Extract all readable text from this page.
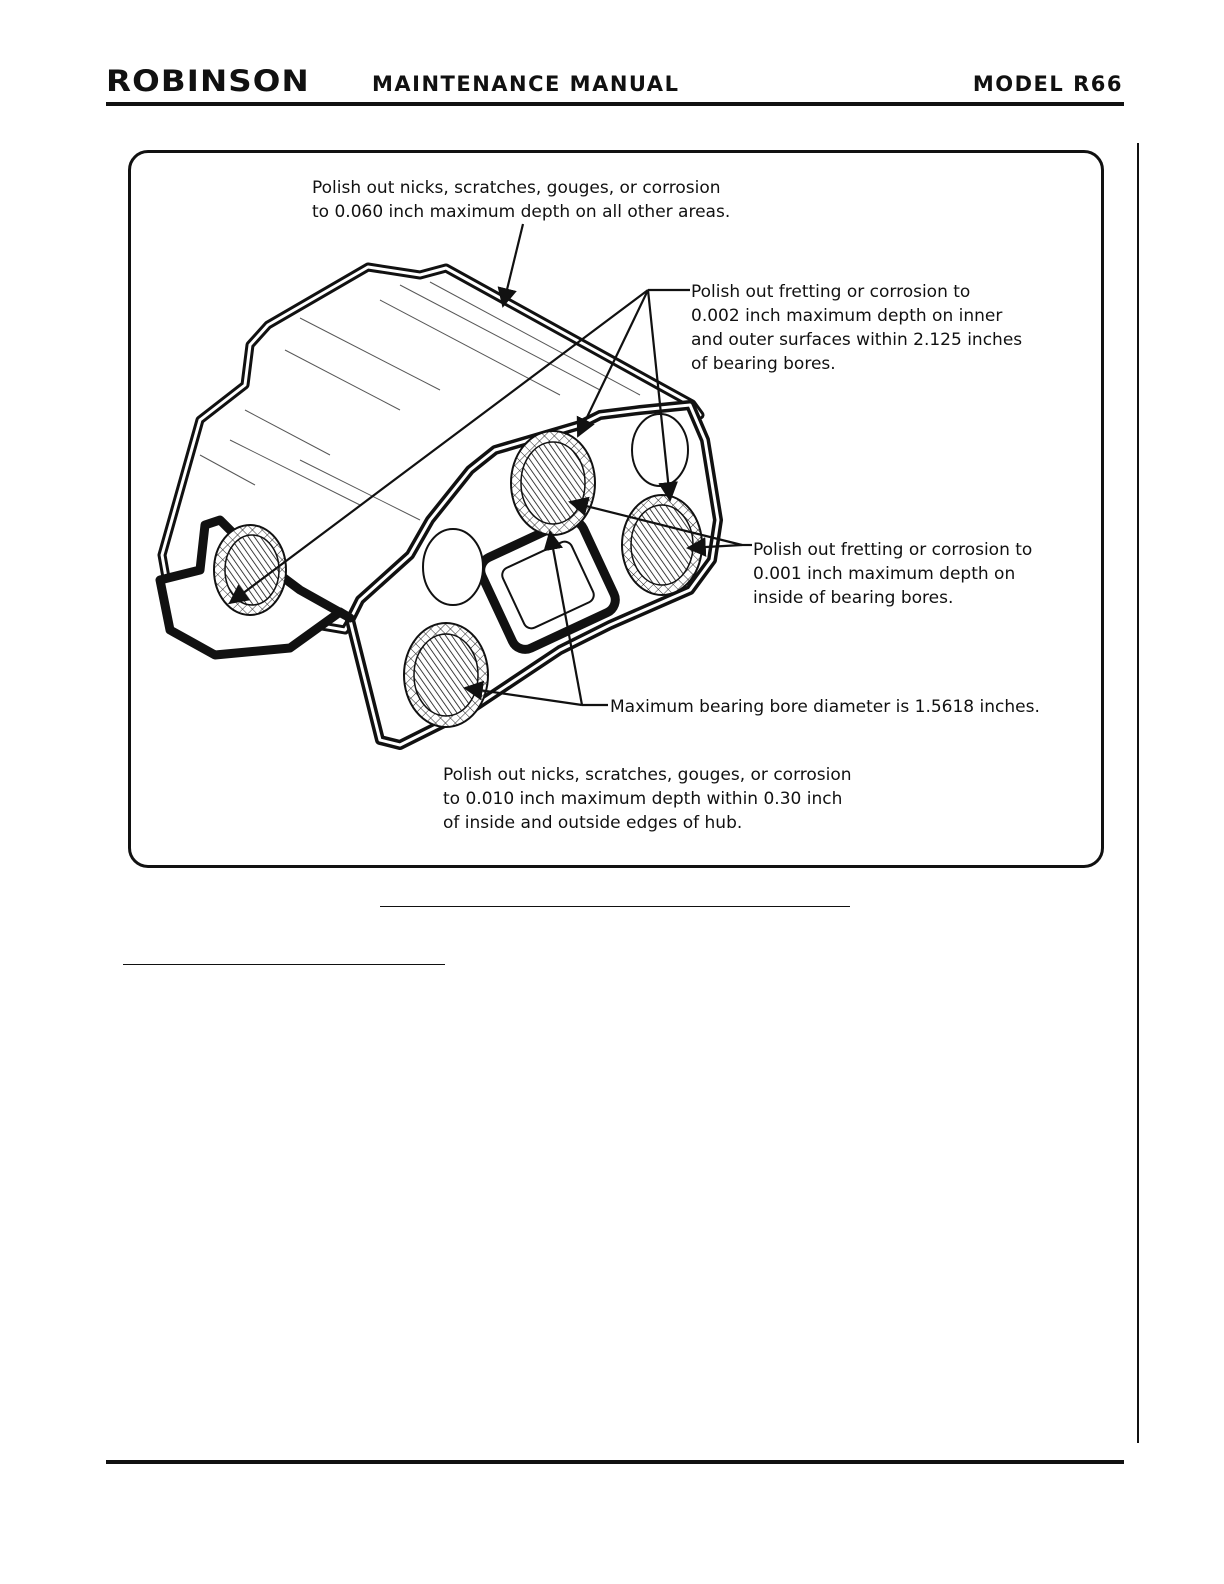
ROBINSON	MAINTENANCE MANUAL	MODEL R66

Polish out nicks, scratches, gouges, or corrosion
to 0.060 inch maximum depth on all other areas.

Polish out fretting or corrosion to
0.002 inch maximum depth on inner
and outer surfaces within 2.125 inches
of bearing bores.

Polish out fretting or corrosion to
0.001 inch maximum depth on
inside of bearing bores.

Maximum bearing bore diameter is 1.5618 inches.

Polish out nicks, scratches, gouges, or corrosion
to 0.010 inch maximum depth within 0.30 inch
of inside and outside edges of hub.
